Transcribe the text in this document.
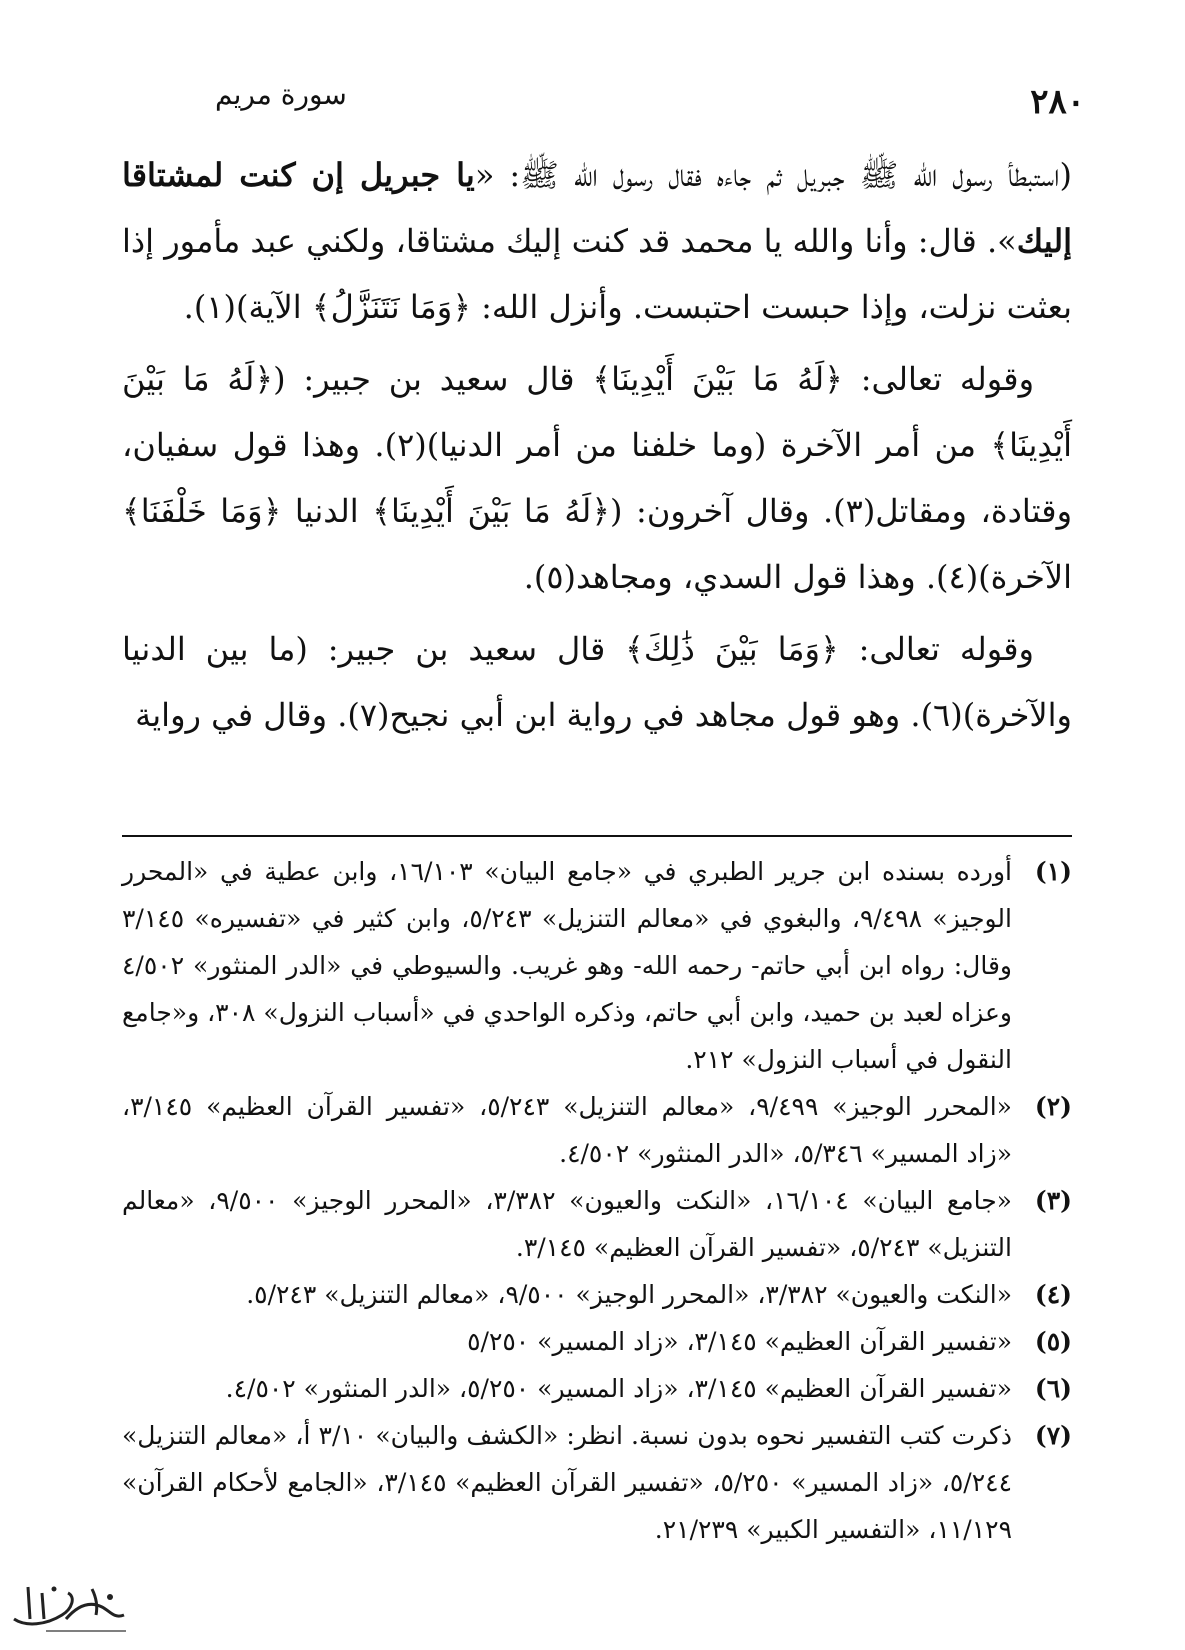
٢٨٠
سورة مريم

(استبطأ رسول الله ﷺ جبريل ثم جاءه فقال رسول الله ﷺ: «يا جبريل إن كنت لمشتاقا إليك». قال: وأنا والله يا محمد قد كنت إليك مشتاقا، ولكني عبد مأمور إذا بعثت نزلت، وإذا حبست احتبست. وأنزل الله: ﴿وَمَا نَتَنَزَّلُ﴾ الآية)(١).

وقوله تعالى: ﴿لَهُ مَا بَيْنَ أَيْدِينَا﴾ قال سعيد بن جبير: (﴿لَهُ مَا بَيْنَ أَيْدِينَا﴾ من أمر الآخرة (وما خلفنا من أمر الدنيا)(٢). وهذا قول سفيان، وقتادة، ومقاتل(٣). وقال آخرون: (﴿لَهُ مَا بَيْنَ أَيْدِينَا﴾ الدنيا ﴿وَمَا خَلْفَنَا﴾ الآخرة)(٤). وهذا قول السدي، ومجاهد(٥).

وقوله تعالى: ﴿وَمَا بَيْنَ ذَٰلِكَ﴾ قال سعيد بن جبير: (ما بين الدنيا والآخرة)(٦). وهو قول مجاهد في رواية ابن أبي نجيح(٧). وقال في رواية

(١)
أورده بسنده ابن جرير الطبري في «جامع البيان» ١٦/١٠٣، وابن عطية في «المحرر الوجيز» ٩/٤٩٨، والبغوي في «معالم التنزيل» ٥/٢٤٣، وابن كثير في «تفسيره» ٣/١٤٥ وقال: رواه ابن أبي حاتم- رحمه الله- وهو غريب. والسيوطي في «الدر المنثور» ٤/٥٠٢ وعزاه لعبد بن حميد، وابن أبي حاتم، وذكره الواحدي في «أسباب النزول» ٣٠٨، و«جامع النقول في أسباب النزول» ٢١٢.
(٢)
«المحرر الوجيز» ٩/٤٩٩، «معالم التنزيل» ٥/٢٤٣، «تفسير القرآن العظيم» ٣/١٤٥، «زاد المسير» ٥/٣٤٦، «الدر المنثور» ٤/٥٠٢.
(٣)
«جامع البيان» ١٦/١٠٤، «النكت والعيون» ٣/٣٨٢، «المحرر الوجيز» ٩/٥٠٠، «معالم التنزيل» ٥/٢٤٣، «تفسير القرآن العظيم» ٣/١٤٥.
(٤)
«النكت والعيون» ٣/٣٨٢، «المحرر الوجيز» ٩/٥٠٠، «معالم التنزيل» ٥/٢٤٣.
(٥)
«تفسير القرآن العظيم» ٣/١٤٥، «زاد المسير» ٥/٢٥٠
(٦)
«تفسير القرآن العظيم» ٣/١٤٥، «زاد المسير» ٥/٢٥٠، «الدر المنثور» ٤/٥٠٢.
(٧)
ذكرت كتب التفسير نحوه بدون نسبة. انظر: «الكشف والبيان» ٣/١٠ أ، «معالم التنزيل» ٥/٢٤٤، «زاد المسير» ٥/٢٥٠، «تفسير القرآن العظيم» ٣/١٤٥، «الجامع لأحكام القرآن» ١١/١٢٩، «التفسير الكبير» ٢١/٢٣٩.
